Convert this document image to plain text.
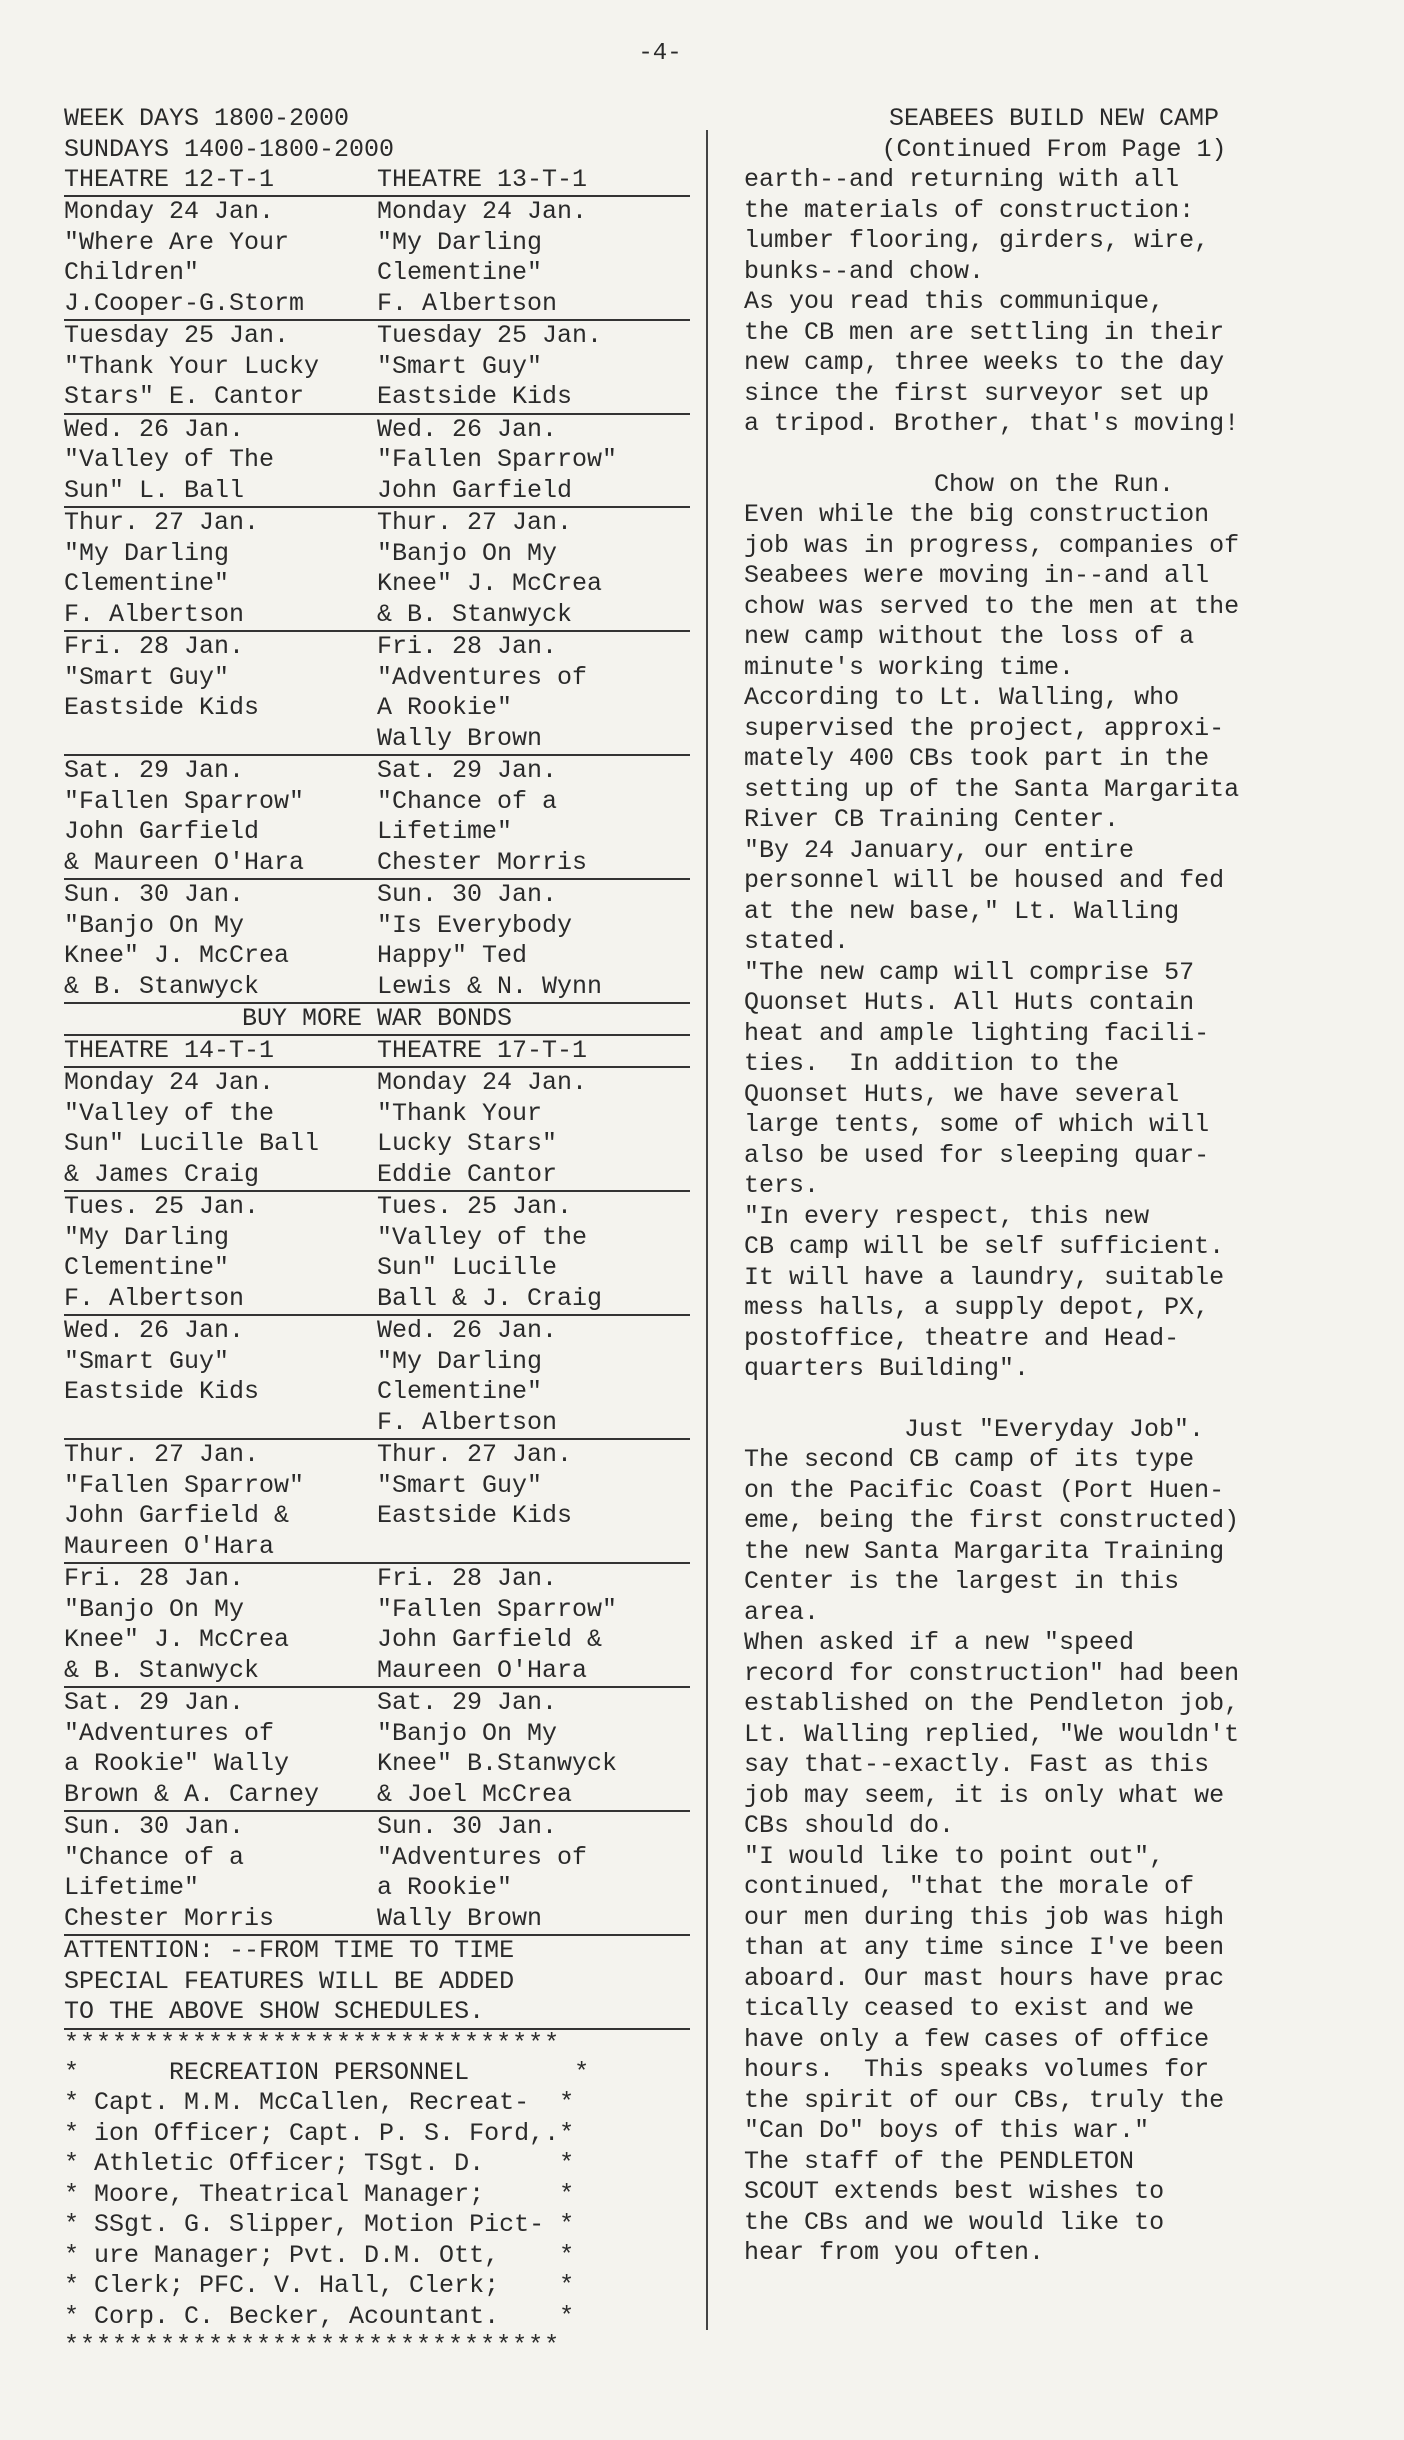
-4-
WEEK DAYS 1800-2000
SUNDAYS 1400-1800-2000
THEATRE 12-T-1	THEATRE 13-T-1
Monday 24 Jan.
"Where Are Your
Children"
J.Cooper-G.Storm
Monday 24 Jan.
"My Darling
Clementine"
F. Albertson
Tuesday 25 Jan.
"Thank Your Lucky
Stars" E. Cantor
Tuesday 25 Jan.
"Smart Guy"
Eastside Kids
Wed. 26 Jan.
"Valley of The
Sun" L. Ball
Wed. 26 Jan.
"Fallen Sparrow"
John Garfield
Thur. 27 Jan.
"My Darling
Clementine"
F. Albertson
Thur. 27 Jan.
"Banjo On My
Knee" J. McCrea
& B. Stanwyck
Fri. 28 Jan.
"Smart Guy"
Eastside Kids
Fri. 28 Jan.
"Adventures of
A Rookie"
Wally Brown
Sat. 29 Jan.
"Fallen Sparrow"
John Garfield
& Maureen O'Hara
Sat. 29 Jan.
"Chance of a
Lifetime"
Chester Morris
Sun. 30 Jan.
"Banjo On My
Knee" J. McCrea
& B. Stanwyck
Sun. 30 Jan.
"Is Everybody
Happy" Ted
Lewis & N. Wynn
BUY MORE WAR BONDS
THEATRE 14-T-1	THEATRE 17-T-1
Monday 24 Jan.
"Valley of the
Sun" Lucille Ball
& James Craig
Monday 24 Jan.
"Thank Your
Lucky Stars"
Eddie Cantor
Tues. 25 Jan.
"My Darling
Clementine"
F. Albertson
Tues. 25 Jan.
"Valley of the
Sun" Lucille
Ball & J. Craig
Wed. 26 Jan.
"Smart Guy"
Eastside Kids
Wed. 26 Jan.
"My Darling
Clementine"
F. Albertson
Thur. 27 Jan.
"Fallen Sparrow"
John Garfield &
Maureen O'Hara
Thur. 27 Jan.
"Smart Guy"
Eastside Kids
Fri. 28 Jan.
"Banjo On My
Knee" J. McCrea
& B. Stanwyck
Fri. 28 Jan.
"Fallen Sparrow"
John Garfield &
Maureen O'Hara
Sat. 29 Jan.
"Adventures of
a Rookie" Wally
Brown & A. Carney
Sat. 29 Jan.
"Banjo On My
Knee" B.Stanwyck
& Joel McCrea
Sun. 30 Jan.
"Chance of a
Lifetime"
Chester Morris
Sun. 30 Jan.
"Adventures of
a Rookie"
Wally Brown
ATTENTION: --FROM TIME TO TIME
SPECIAL FEATURES WILL BE ADDED
TO THE ABOVE SHOW SCHEDULES.
*******************************
*      RECREATION PERSONNEL       *
* Capt. M.M. McCallen, Recreat-  *
* ion Officer; Capt. P. S. Ford,.*
* Athletic Officer; TSgt. D.     *
* Moore, Theatrical Manager;     *
* SSgt. G. Slipper, Motion Pict- *
* ure Manager; Pvt. D.M. Ott,    *
* Clerk; PFC. V. Hall, Clerk;    *
* Corp. C. Becker, Acountant.    *
*******************************
SEABEES BUILD NEW CAMP
(Continued From Page 1)
earth--and returning with all
the materials of construction:
lumber flooring, girders, wire,
bunks--and chow.
As you read this communique,
the CB men are settling in their
new camp, three weeks to the day
since the first surveyor set up
a tripod. Brother, that's moving!
Chow on the Run.
Even while the big construction
job was in progress, companies of
Seabees were moving in--and all
chow was served to the men at the
new camp without the loss of a
minute's working time.
According to Lt. Walling, who
supervised the project, approxi-
mately 400 CBs took part in the
setting up of the Santa Margarita
River CB Training Center.
"By 24 January, our entire
personnel will be housed and fed
at the new base," Lt. Walling
stated.
"The new camp will comprise 57
Quonset Huts. All Huts contain
heat and ample lighting facili-
ties.  In addition to the
Quonset Huts, we have several
large tents, some of which will
also be used for sleeping quar-
ters.
"In every respect, this new
CB camp will be self sufficient.
It will have a laundry, suitable
mess halls, a supply depot, PX,
postoffice, theatre and Head-
quarters Building".
Just "Everyday Job".
The second CB camp of its type
on the Pacific Coast (Port Huen-
eme, being the first constructed)
the new Santa Margarita Training
Center is the largest in this
area.
When asked if a new "speed
record for construction" had been
established on the Pendleton job,
Lt. Walling replied, "We wouldn't
say that--exactly. Fast as this
job may seem, it is only what we
CBs should do.
"I would like to point out",
continued, "that the morale of
our men during this job was high
than at any time since I've been
aboard. Our mast hours have prac
tically ceased to exist and we
have only a few cases of office
hours.  This speaks volumes for
the spirit of our CBs, truly the
"Can Do" boys of this war."
The staff of the PENDLETON
SCOUT extends best wishes to
the CBs and we would like to
hear from you often.
